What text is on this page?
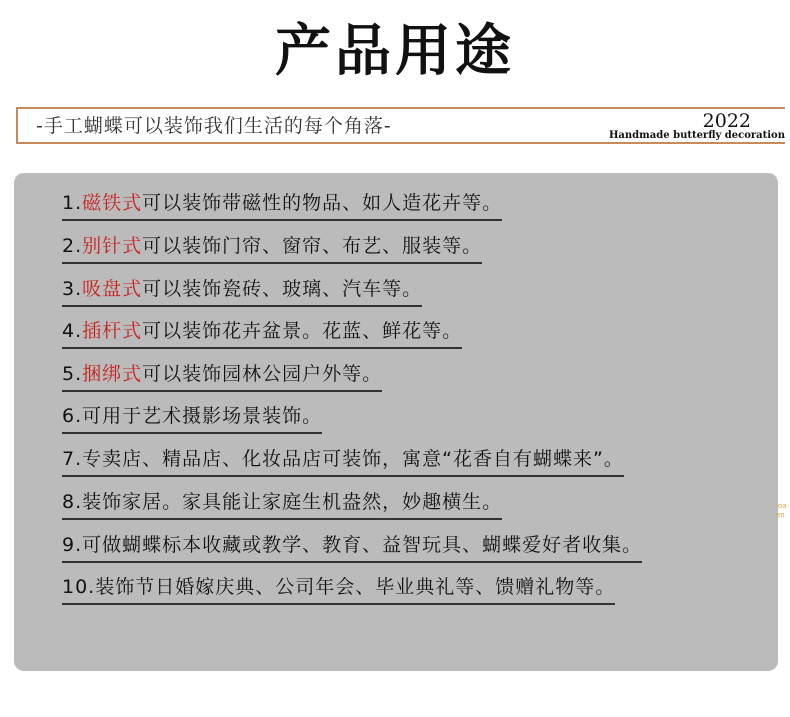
产品用途
-手工蝴蝶可以装饰我们生活的每个角落-	2022
Handmade butterfly decoration
1.磁铁式可以装饰带磁性的物品、如人造花卉等。
2.别针式可以装饰门帘、窗帘、布艺、服装等。
3.吸盘式可以装饰瓷砖、玻璃、汽车等。
4.插杆式可以装饰花卉盆景。花蓝、鲜花等。
5.捆绑式可以装饰园林公园户外等。
6.可用于艺术摄影场景装饰。
7.专卖店、精品店、化妆品店可装饰，寓意“花香自有蝴蝶来”。
8.装饰家居。家具能让家庭生机盎然，妙趣横生。
9.可做蝴蝶标本收藏或教学、教育、益智玩具、蝴蝶爱好者收集。
10.装饰节日婚嫁庆典、公司年会、毕业典礼等、馈赠礼物等。
loaen
